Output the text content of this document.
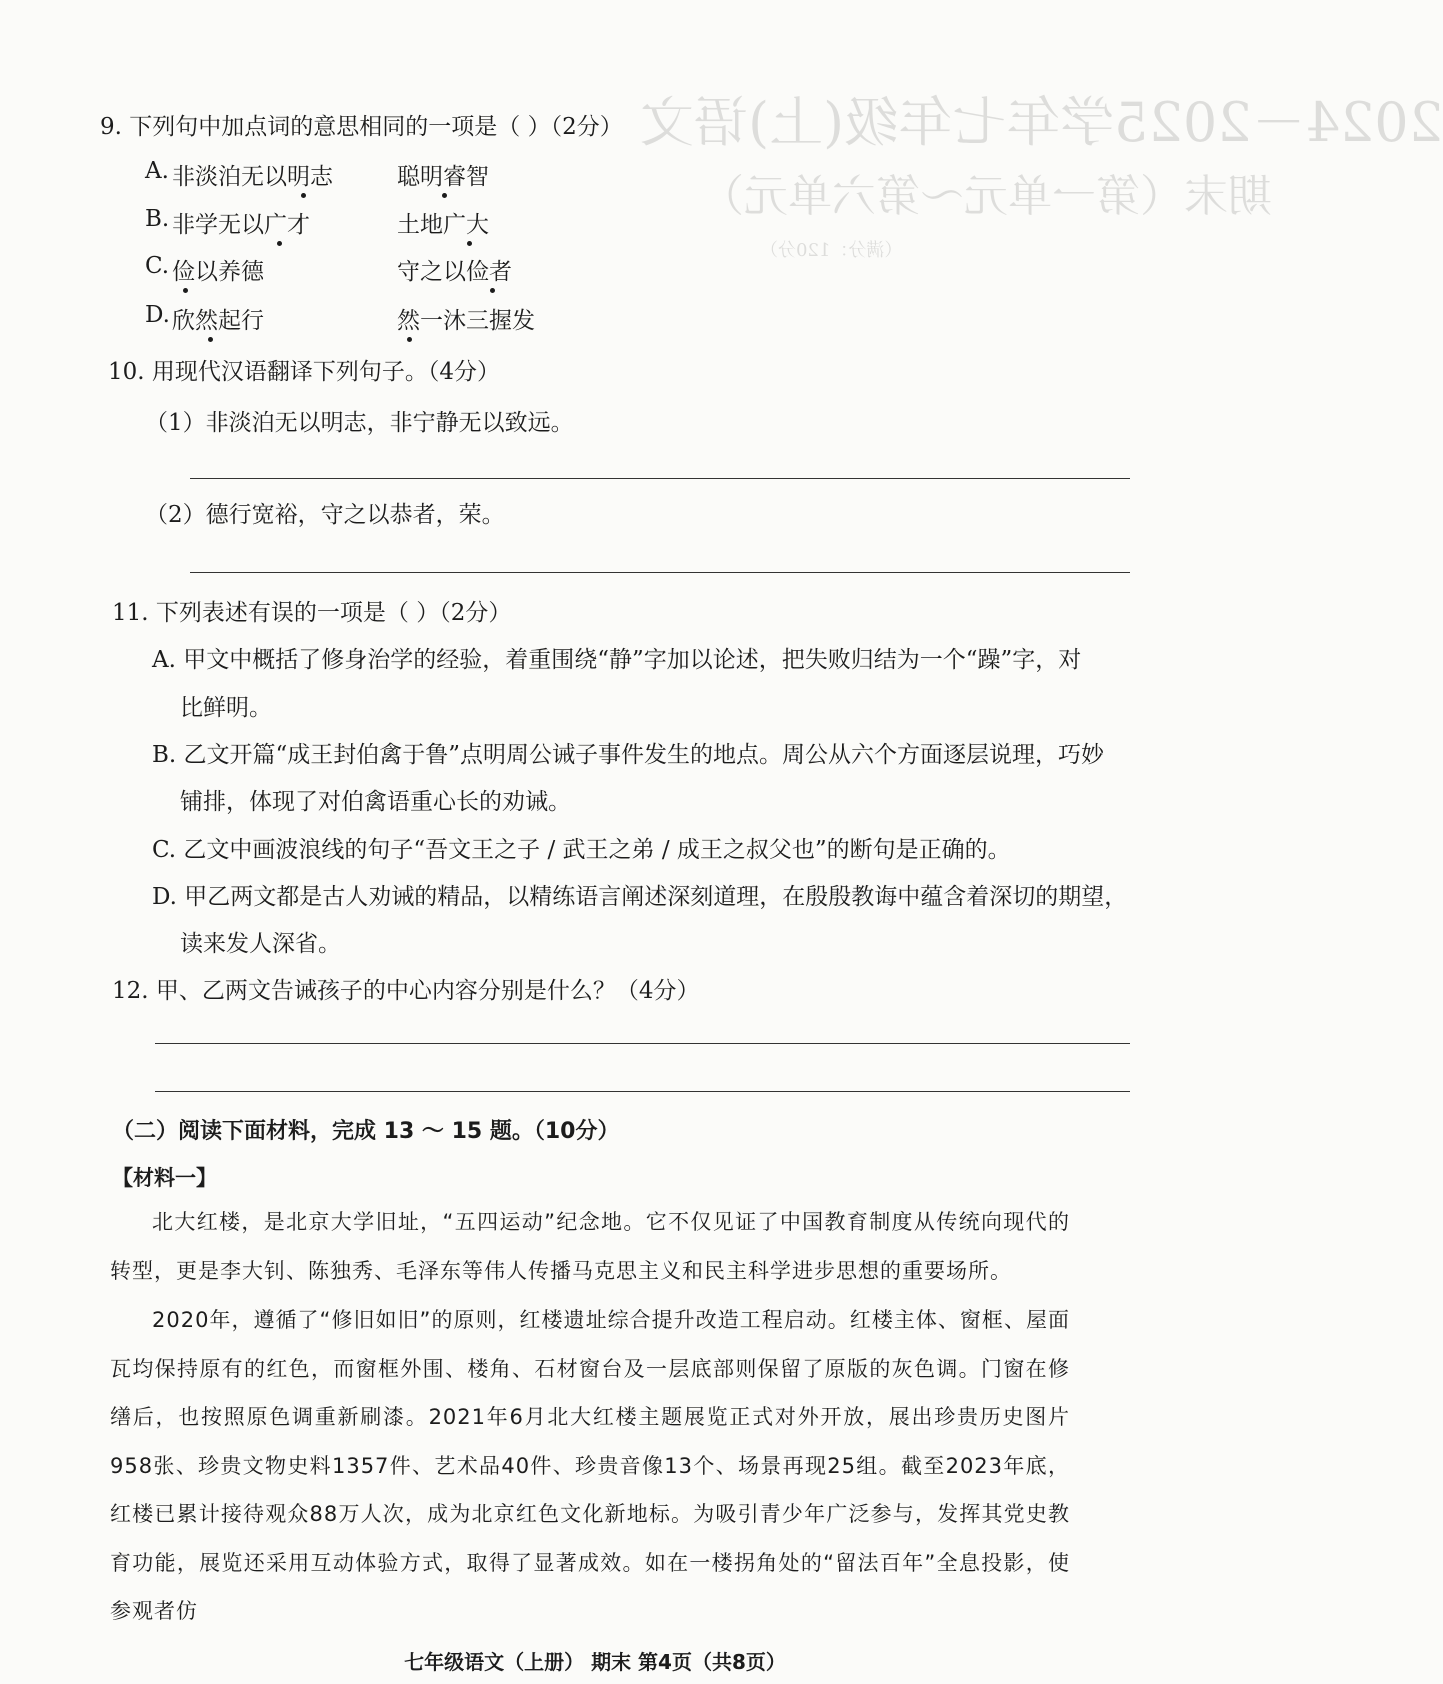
2024－2025学年七年级(上)语文
期末（第一单元～第六单元）
（满分：120分）
9. 下列句中加点词的意思相同的一项是（ ）（2分）
A. 非淡泊无以明志	聪明睿智
B. 非学无以广才	土地广大
C. 俭以养德	守之以俭者
D. 欣然起行	然一沐三握发
10. 用现代汉语翻译下列句子。（4分）
（1）非淡泊无以明志，非宁静无以致远。
（2）德行宽裕，守之以恭者，荣。
11. 下列表述有误的一项是（ ）（2分）
A. 甲文中概括了修身治学的经验，着重围绕“静”字加以论述，把失败归结为一个“躁”字，对
比鲜明。
B. 乙文开篇“成王封伯禽于鲁”点明周公诫子事件发生的地点。周公从六个方面逐层说理，巧妙
铺排，体现了对伯禽语重心长的劝诫。
C. 乙文中画波浪线的句子“吾文王之子 / 武王之弟 / 成王之叔父也”的断句是正确的。
D. 甲乙两文都是古人劝诫的精品，以精练语言阐述深刻道理，在殷殷教诲中蕴含着深切的期望，
读来发人深省。
12. 甲、乙两文告诫孩子的中心内容分别是什么？（4分）
（二）阅读下面材料，完成 13 ～ 15 题。（10分）
【材料一】
北大红楼，是北京大学旧址，“五四运动”纪念地。它不仅见证了中国教育制度从传统向现代的转型，更是李大钊、陈独秀、毛泽东等伟人传播马克思主义和民主科学进步思想的重要场所。
2020年，遵循了“修旧如旧”的原则，红楼遗址综合提升改造工程启动。红楼主体、窗框、屋面瓦均保持原有的红色，而窗框外围、楼角、石材窗台及一层底部则保留了原版的灰色调。门窗在修缮后，也按照原色调重新刷漆。2021年6月北大红楼主题展览正式对外开放，展出珍贵历史图片958张、珍贵文物史料1357件、艺术品40件、珍贵音像13个、场景再现25组。截至2023年底，红楼已累计接待观众88万人次，成为北京红色文化新地标。为吸引青少年广泛参与，发挥其党史教育功能，展览还采用互动体验方式，取得了显著成效。如在一楼拐角处的“留法百年”全息投影，使参观者仿
七年级语文（上册） 期末 第4页（共8页）
